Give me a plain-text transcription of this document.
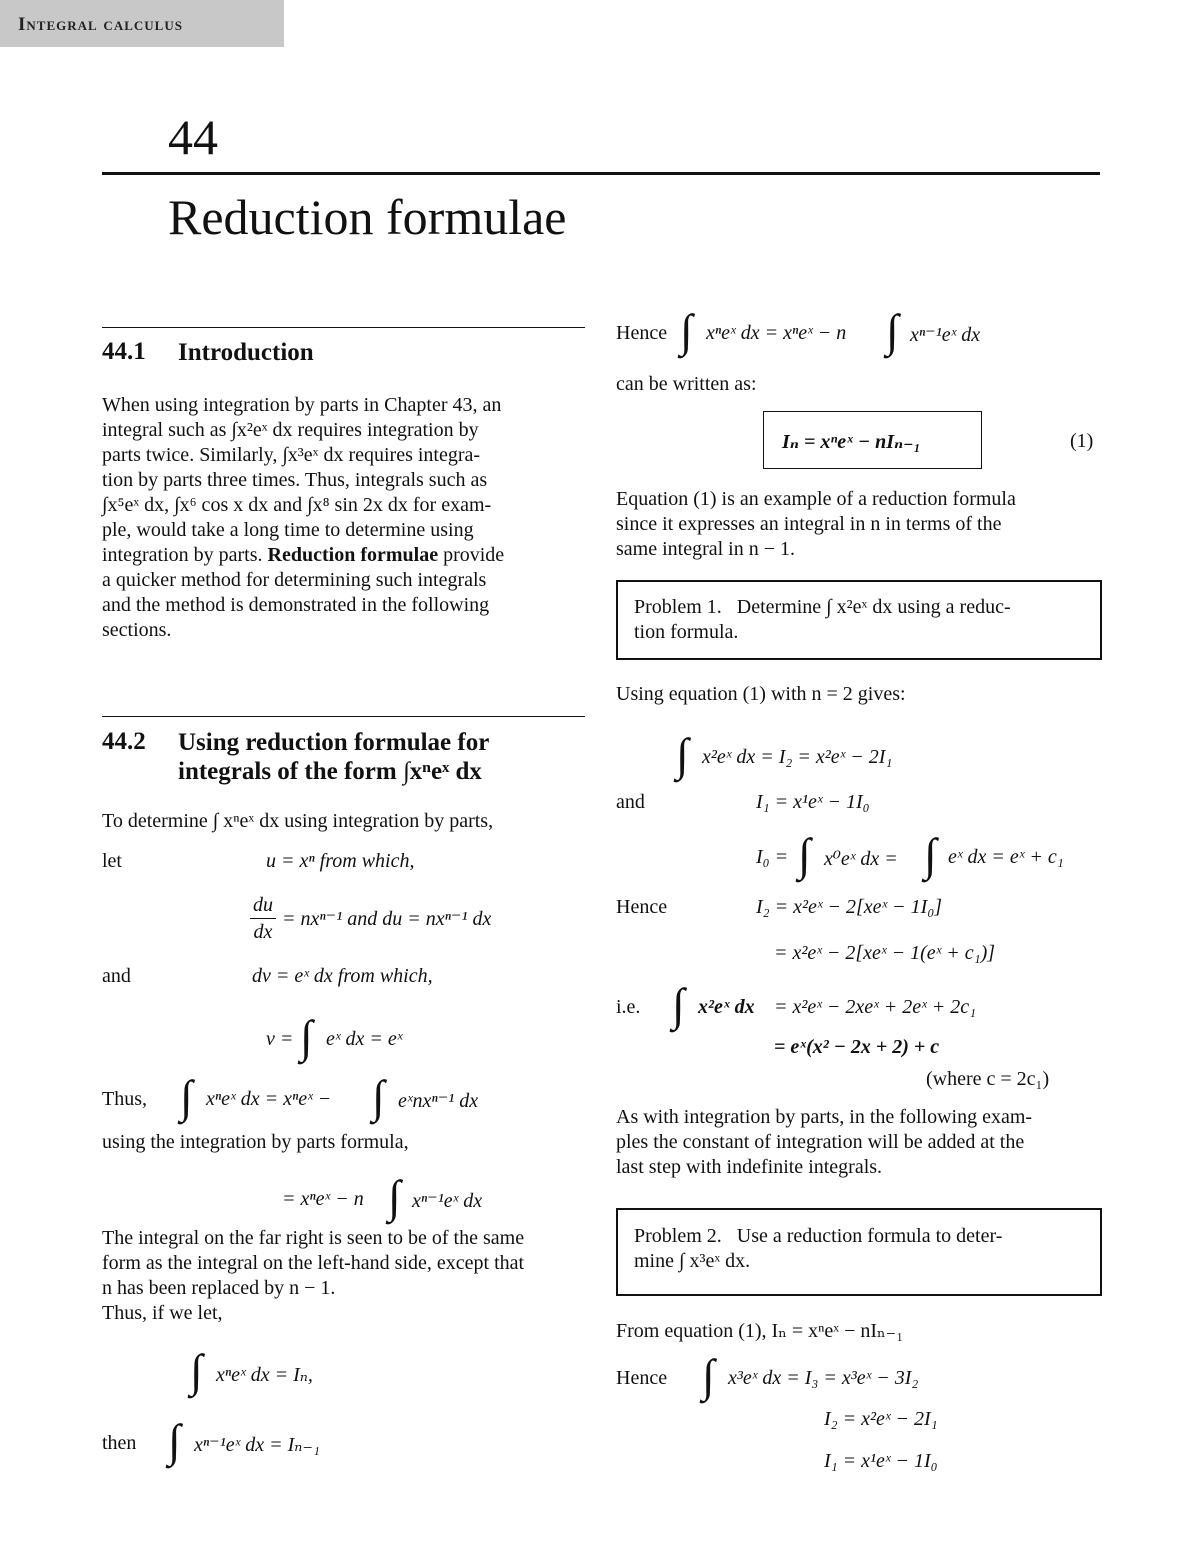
Integral calculus
44
Reduction formulae
44.1 Introduction
When using integration by parts in Chapter 43, an
integral such as ∫x²eˣ dx requires integration by
parts twice. Similarly, ∫x³eˣ dx requires integra-
tion by parts three times. Thus, integrals such as
∫x⁵eˣ dx, ∫x⁶ cos x dx and ∫x⁸ sin 2x dx for exam-
ple, would take a long time to determine using
integration by parts. Reduction formulae provide
a quicker method for determining such integrals
and the method is demonstrated in the following
sections.
44.2 Using reduction formulae for
integrals of the form ∫xⁿeˣ dx
To determine ∫ xⁿeˣ dx using integration by parts,
let	u = xⁿ from which,
du
dx
= nxⁿ⁻¹ and du = nxⁿ⁻¹ dx
and	dv = eˣ dx from which,
v = ∫ eˣ dx = eˣ
Thus, ∫ xⁿeˣ dx = xⁿeˣ − ∫ eˣnxⁿ⁻¹ dx
using the integration by parts formula,
= xⁿeˣ − n ∫ xⁿ⁻¹eˣ dx
The integral on the far right is seen to be of the same
form as the integral on the left-hand side, except that
n has been replaced by n − 1.
Thus, if we let,
∫ xⁿeˣ dx = Iₙ,
then ∫ xⁿ⁻¹eˣ dx = Iₙ₋₁
Hence ∫ xⁿeˣ dx = xⁿeˣ − n ∫ xⁿ⁻¹eˣ dx
can be written as:
Iₙ = xⁿeˣ − nIₙ₋₁	(1)
Equation (1) is an example of a reduction formula
since it expresses an integral in n in terms of the
same integral in n − 1.
Problem 1. Determine ∫ x²eˣ dx using a reduc-
tion formula.
Using equation (1) with n = 2 gives:
∫ x²eˣ dx = I₂ = x²eˣ − 2I₁
and	I₁ = x¹eˣ − 1I₀
I₀ = ∫ x⁰eˣ dx = ∫ eˣ dx = eˣ + c₁
Hence	I₂ = x²eˣ − 2[xeˣ − 1I₀]
= x²eˣ − 2[xeˣ − 1(eˣ + c₁)]
i.e. ∫ x²eˣ dx = x²eˣ − 2xeˣ + 2eˣ + 2c₁
= eˣ(x² − 2x + 2) + c
(where c = 2c₁)
As with integration by parts, in the following exam-
ples the constant of integration will be added at the
last step with indefinite integrals.
Problem 2. Use a reduction formula to deter-
mine ∫ x³eˣ dx.
From equation (1), Iₙ = xⁿeˣ − nIₙ₋₁
Hence ∫ x³eˣ dx = I₃ = x³eˣ − 3I₂
I₂ = x²eˣ − 2I₁
I₁ = x¹eˣ − 1I₀
